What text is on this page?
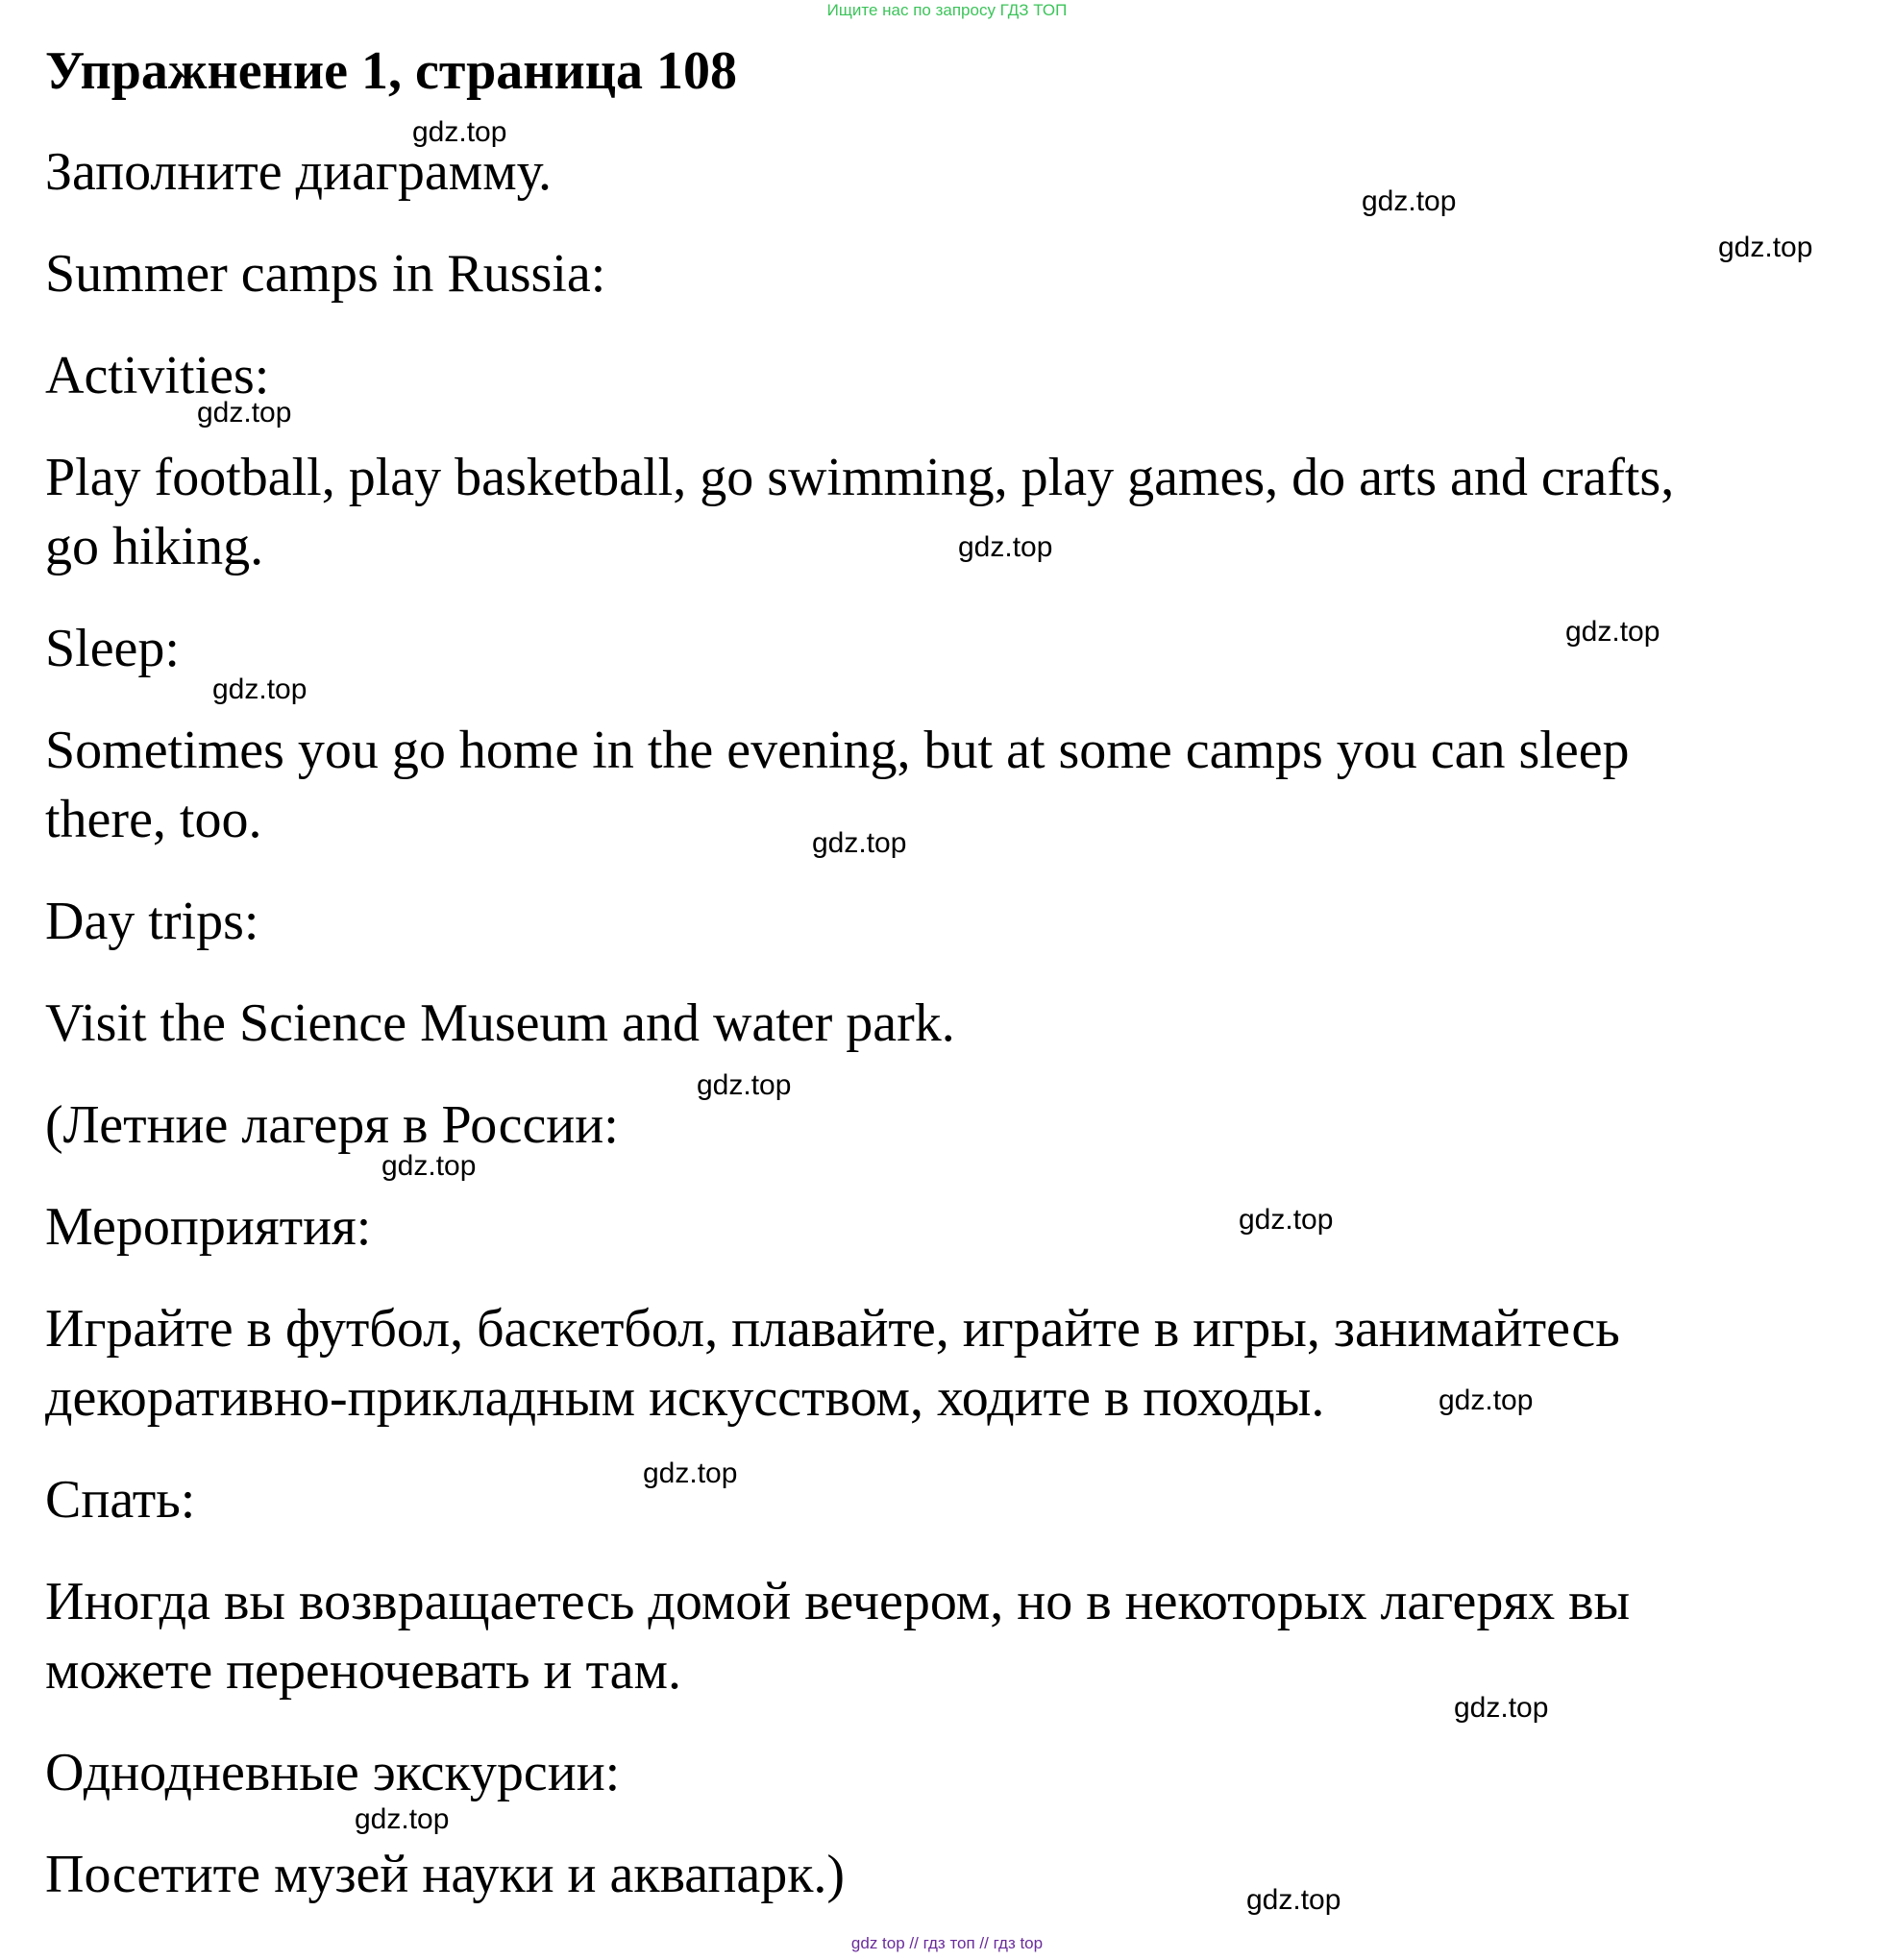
Ищите нас по запросу ГДЗ ТОП
Упражнение 1, страница 108
Заполните диаграмму.
Summer camps in Russia:
Activities:
Play football, play basketball, go swimming, play games, do arts and crafts,
go hiking.
Sleep:
Sometimes you go home in the evening, but at some camps you can sleep
there, too.
Day trips:
Visit the Science Museum and water park.
(Летние лагеря в России:
Мероприятия:
Играйте в футбол, баскетбол, плавайте, играйте в игры, занимайтесь
декоративно-прикладным искусством, ходите в походы.
Спать:
Иногда вы возвращаетесь домой вечером, но в некоторых лагерях вы
можете переночевать и там.
Однодневные экскурсии:
Посетите музей науки и аквапарк.)
gdz.top
gdz.top
gdz.top
gdz.top
gdz.top
gdz.top
gdz.top
gdz.top
gdz.top
gdz.top
gdz.top
gdz.top
gdz.top
gdz.top
gdz.top
gdz.top
gdz top // гдз топ // гдз top
